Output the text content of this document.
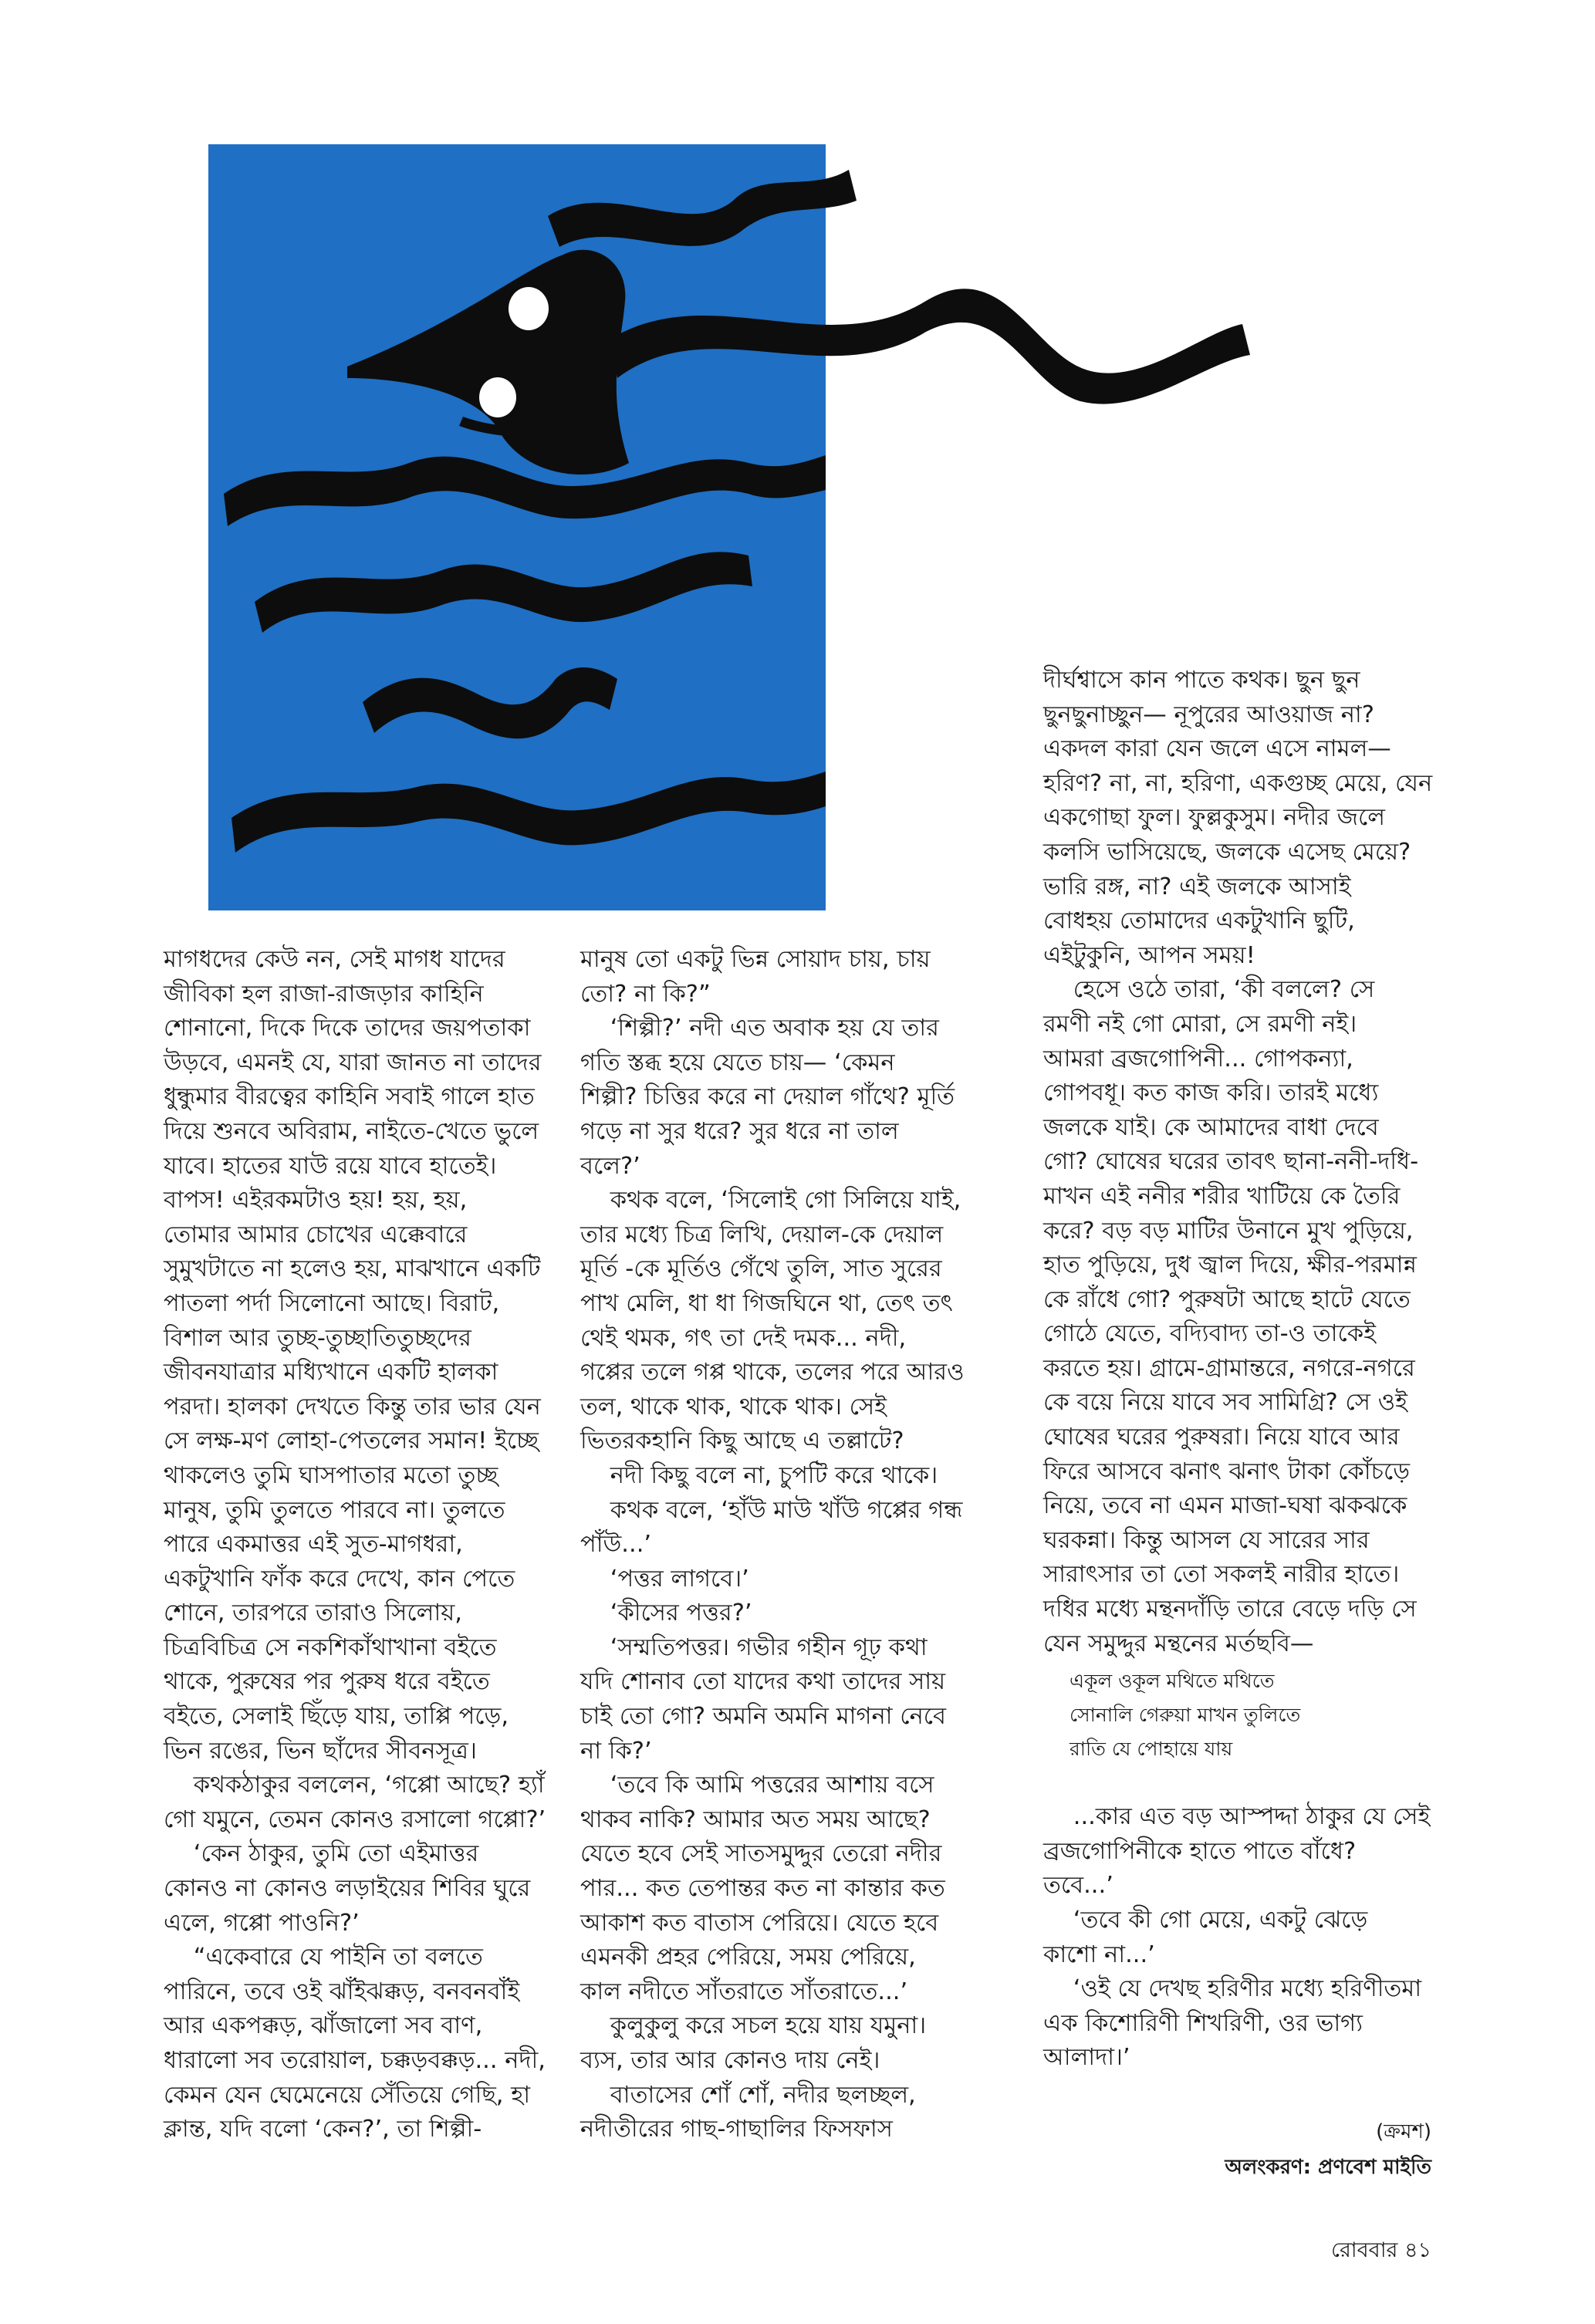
মাগধদের কেউ নন, সেই মাগধ যাদের

জীবিকা হল রাজা-রাজড়ার কাহিনি

শোনানো, দিকে দিকে তাদের জয়পতাকা

উড়বে, এমনই যে, যারা জানত না তাদের

ধুন্ধুমার বীরত্বের কাহিনি সবাই গালে হাত

দিয়ে শুনবে অবিরাম, নাইতে-খেতে ভুলে

যাবে। হাতের যাউ রয়ে যাবে হাতেই।

বাপস! এইরকমটাও হয়! হয়, হয়,

তোমার আমার চোখের এক্কেবারে

সুমুখটাতে না হলেও হয়, মাঝখানে একটি

পাতলা পর্দা সিলোনো আছে। বিরাট,

বিশাল আর তুচ্ছ-তুচ্ছাতিতুচ্ছদের

জীবনযাত্রার মধ্যিখানে একটি হালকা

পরদা। হালকা দেখতে কিন্তু তার ভার যেন

সে লক্ষ-মণ লোহা-পেতলের সমান! ইচ্ছে

থাকলেও তুমি ঘাসপাতার মতো তুচ্ছ

মানুষ, তুমি তুলতে পারবে না। তুলতে

পারে একমাত্তর এই সুত-মাগধরা,

একটুখানি ফাঁক করে দেখে, কান পেতে

শোনে, তারপরে তারাও সিলোয়,

চিত্রবিচিত্র সে নকশিকাঁথাখানা বইতে

থাকে, পুরুষের পর পুরুষ ধরে বইতে

বইতে, সেলাই ছিঁড়ে যায়, তাপ্পি পড়ে,

ভিন রঙের, ভিন ছাঁদের সীবনসূত্র।

কথকঠাকুর বললেন, ‘গপ্পো আছে? হ্যাঁ

গো যমুনে, তেমন কোনও রসালো গপ্পো?’

‘কেন ঠাকুর, তুমি তো এইমাত্তর

কোনও না কোনও লড়াইয়ের শিবির ঘুরে

এলে, গপ্পো পাওনি?’

“একেবারে যে পাইনি তা বলতে

পারিনে, তবে ওই ঝাঁইঝক্কড়, বনবনবাঁই

আর একপক্কড়, ঝাঁজালো সব বাণ,

ধারালো সব তরোয়াল, চক্কড়বক্কড়... নদী,

কেমন যেন ঘেমেনেয়ে সেঁতিয়ে গেছি, হা

ক্লান্ত, যদি বলো ‘কেন?’, তা শিল্পী-

মানুষ তো একটু ভিন্ন সোয়াদ চায়, চায়

তো? না কি?”

‘শিল্পী?’ নদী এত অবাক হয় যে তার

গতি স্তব্ধ হয়ে যেতে চায়— ‘কেমন

শিল্পী? চিত্তির করে না দেয়াল গাঁথে? মূর্তি

গড়ে না সুর ধরে? সুর ধরে না তাল

বলে?’

কথক বলে, ‘সিলোই গো সিলিয়ে যাই,

তার মধ্যে চিত্র লিখি, দেয়াল-কে দেয়াল

মূর্তি -কে মূর্তিও গেঁথে তুলি, সাত সুরের

পাখ মেলি, ধা ধা গিজঘিনে থা, তেৎ তৎ

থেই থমক, গৎ তা দেই দমক... নদী,

গপ্পের তলে গপ্প থাকে, তলের পরে আরও

তল, থাকে থাক, থাকে থাক। সেই

ভিতরকহানি কিছু আছে এ তল্লাটে?

নদী কিছু বলে না, চুপটি করে থাকে।

কথক বলে, ‘হাঁউ মাউ খাঁউ গপ্পের গন্ধ

পাঁউ...’

‘পত্তর লাগবে।’

‘কীসের পত্তর?’

‘সম্মতিপত্তর। গভীর গহীন গূঢ় কথা

যদি শোনাব তো যাদের কথা তাদের সায়

চাই তো গো? অমনি অমনি মাগনা নেবে

না কি?’

‘তবে কি আমি পত্তরের আশায় বসে

থাকব নাকি? আমার অত সময় আছে?

যেতে হবে সেই সাতসমুদ্দুর তেরো নদীর

পার... কত তেপান্তর কত না কান্তার কত

আকাশ কত বাতাস পেরিয়ে। যেতে হবে

এমনকী প্রহর পেরিয়ে, সময় পেরিয়ে,

কাল নদীতে সাঁতরাতে সাঁতরাতে...’

কুলুকুলু করে সচল হয়ে যায় যমুনা।

ব্যস, তার আর কোনও দায় নেই।

বাতাসের শোঁ শোঁ, নদীর ছলচ্ছল,

নদীতীরের গাছ-গাছালির ফিসফাস

দীর্ঘশ্বাসে কান পাতে কথক। ছুন ছুন

ছুনছুনাচ্ছুন— নূপুরের আওয়াজ না?

একদল কারা যেন জলে এসে নামল—

হরিণ? না, না, হরিণা, একগুচ্ছ মেয়ে, যেন

একগোছা ফুল। ফুল্লকুসুম। নদীর জলে

কলসি ভাসিয়েছে, জলকে এসেছ মেয়ে?

ভারি রঙ্গ, না? এই জলকে আসাই

বোধহয় তোমাদের একটুখানি ছুটি,

এইটুকুনি, আপন সময়!

হেসে ওঠে তারা, ‘কী বললে? সে

রমণী নই গো মোরা, সে রমণী নই।

আমরা ব্রজগোপিনী... গোপকন্যা,

গোপবধূ। কত কাজ করি। তারই মধ্যে

জলকে যাই। কে আমাদের বাধা দেবে

গো? ঘোষের ঘরের তাবৎ ছানা-ননী-দধি-

মাখন এই ননীর শরীর খাটিয়ে কে তৈরি

করে? বড় বড় মাটির উনানে মুখ পুড়িয়ে,

হাত পুড়িয়ে, দুধ জ্বাল দিয়ে, ক্ষীর-পরমান্ন

কে রাঁধে গো? পুরুষটা আছে হাটে যেতে

গোঠে যেতে, বদ্যিবাদ্য তা-ও তাকেই

করতে হয়। গ্রামে-গ্রামান্তরে, নগরে-নগরে

কে বয়ে নিয়ে যাবে সব সামিগ্রি? সে ওই

ঘোষের ঘরের পুরুষরা। নিয়ে যাবে আর

ফিরে আসবে ঝনাৎ ঝনাৎ টাকা কোঁচড়ে

নিয়ে, তবে না এমন মাজা-ঘষা ঝকঝকে

ঘরকন্না। কিন্তু আসল যে সারের সার

সারাৎসার তা তো সকলই নারীর হাতে।

দধির মধ্যে মন্থনদাঁড়ি তারে বেড়ে দড়ি সে

যেন সমুদ্দুর মন্থনের মর্তছবি—

একূল ওকূল মথিতে মথিতে
সোনালি গেরুয়া মাখন তুলিতে
রাতি যে পোহায়ে যায়

...কার এত বড় আস্পদ্দা ঠাকুর যে সেই

ব্রজগোপিনীকে হাতে পাতে বাঁধে?

তবে...’

‘তবে কী গো মেয়ে, একটু ঝেড়ে

কাশো না...’

‘ওই যে দেখছ হরিণীর মধ্যে হরিণীতমা

এক কিশোরিণী শিখরিণী, ওর ভাগ্য

আলাদা।’

(ক্রমশ)
অলংকরণ: প্রণবেশ মাইতি
রোববার ৪১
